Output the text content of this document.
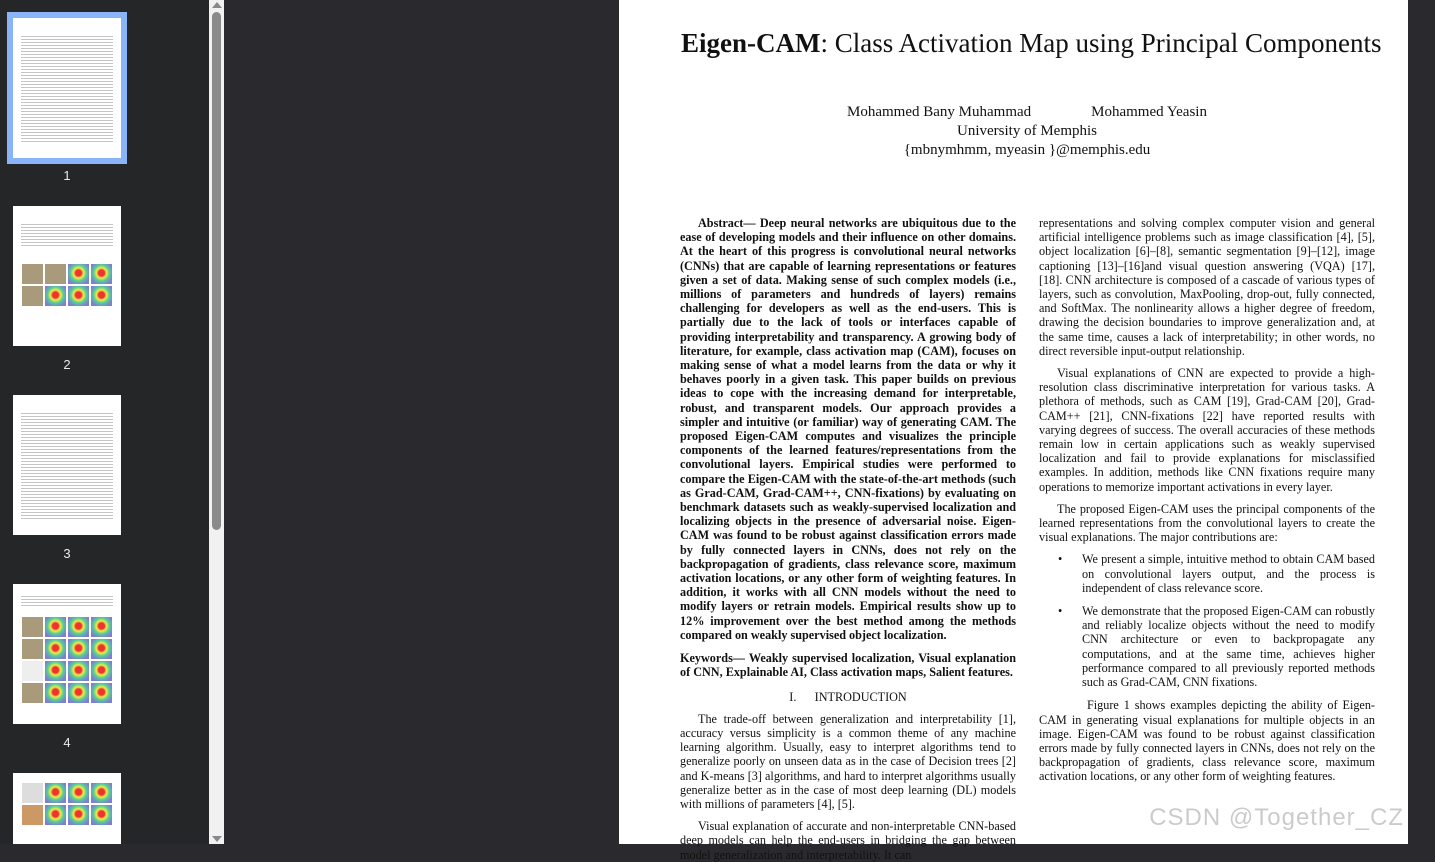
1
2
3
4
Eigen-CAM: Class Activation Map using Principal Components
Mohammed Bany Muhammad	Mohammed Yeasin
University of Memphis
{mbnymhmm, myeasin }@memphis.edu

Abstract— Deep neural networks are ubiquitous due to the ease of developing models and their influence on other domains. At the heart of this progress is convolutional neural networks (CNNs) that are capable of learning representations or features given a set of data. Making sense of such complex models (i.e., millions of parameters and hundreds of layers) remains challenging for developers as well as the end-users. This is partially due to the lack of tools or interfaces capable of providing interpretability and transparency. A growing body of literature, for example, class activation map (CAM), focuses on making sense of what a model learns from the data or why it behaves poorly in a given task. This paper builds on previous ideas to cope with the increasing demand for interpretable, robust, and transparent models. Our approach provides a simpler and intuitive (or familiar) way of generating CAM. The proposed Eigen-CAM computes and visualizes the principle components of the learned features/representations from the convolutional layers. Empirical studies were performed to compare the Eigen-CAM with the state-of-the-art methods (such as Grad-CAM, Grad-CAM++, CNN-fixations) by evaluating on benchmark datasets such as weakly-supervised localization and localizing objects in the presence of adversarial noise. Eigen-CAM was found to be robust against classification errors made by fully connected layers in CNNs, does not rely on the backpropagation of gradients, class relevance score, maximum activation locations, or any other form of weighting features. In addition, it works with all CNN models without the need to modify layers or retrain models. Empirical results show up to 12% improvement over the best method among the methods compared on weakly supervised object localization.

Keywords— Weakly supervised localization, Visual explanation of CNN, Explainable AI, Class activation maps, Salient features.

I.      INTRODUCTION

The trade-off between generalization and interpretability [1], accuracy versus simplicity is a common theme of any machine learning algorithm. Usually, easy to interpret algorithms tend to generalize poorly on unseen data as in the case of Decision trees [2] and K-means [3] algorithms, and hard to interpret algorithms usually generalize better as in the case of most deep learning (DL) models with millions of parameters [4], [5].

Visual explanation of accurate and non-interpretable CNN-based deep models can help the end-users in bridging the gap between model generalization and interpretability. It can

representations and solving complex computer vision and general artificial intelligence problems such as image classification [4], [5], object localization [6]–[8], semantic segmentation [9]–[12], image captioning [13]–[16]and visual question answering (VQA) [17], [18]. CNN architecture is composed of a cascade of various types of layers, such as convolution, MaxPooling, drop-out, fully connected, and SoftMax. The nonlinearity allows a higher degree of freedom, drawing the decision boundaries to improve generalization and, at the same time, causes a lack of interpretability; in other words, no direct reversible input-output relationship.

Visual explanations of CNN are expected to provide a high-resolution class discriminative interpretation for various tasks. A plethora of methods, such as CAM [19], Grad-CAM [20], Grad-CAM++ [21], CNN-fixations [22] have reported results with varying degrees of success. The overall accuracies of these methods remain low in certain applications such as weakly supervised localization and fail to provide explanations for misclassified examples. In addition, methods like CNN fixations require many operations to memorize important activations in every layer.

The proposed Eigen-CAM uses the principal components of the learned representations from the convolutional layers to create the visual explanations. The major contributions are:

• We present a simple, intuitive method to obtain CAM based on convolutional layers output, and the process is independent of class relevance score.
• We demonstrate that the proposed Eigen-CAM can robustly and reliably localize objects without the need to modify CNN architecture or even to backpropagate any computations, and at the same time, achieves higher performance compared to all previously reported methods such as Grad-CAM, CNN fixations.

Figure 1 shows examples depicting the ability of Eigen-CAM in generating visual explanations for multiple objects in an image. Eigen-CAM was found to be robust against classification errors made by fully connected layers in CNNs, does not rely on the backpropagation of gradients, class relevance score, maximum activation locations, or any other form of weighting features.

CSDN @Together_CZ
